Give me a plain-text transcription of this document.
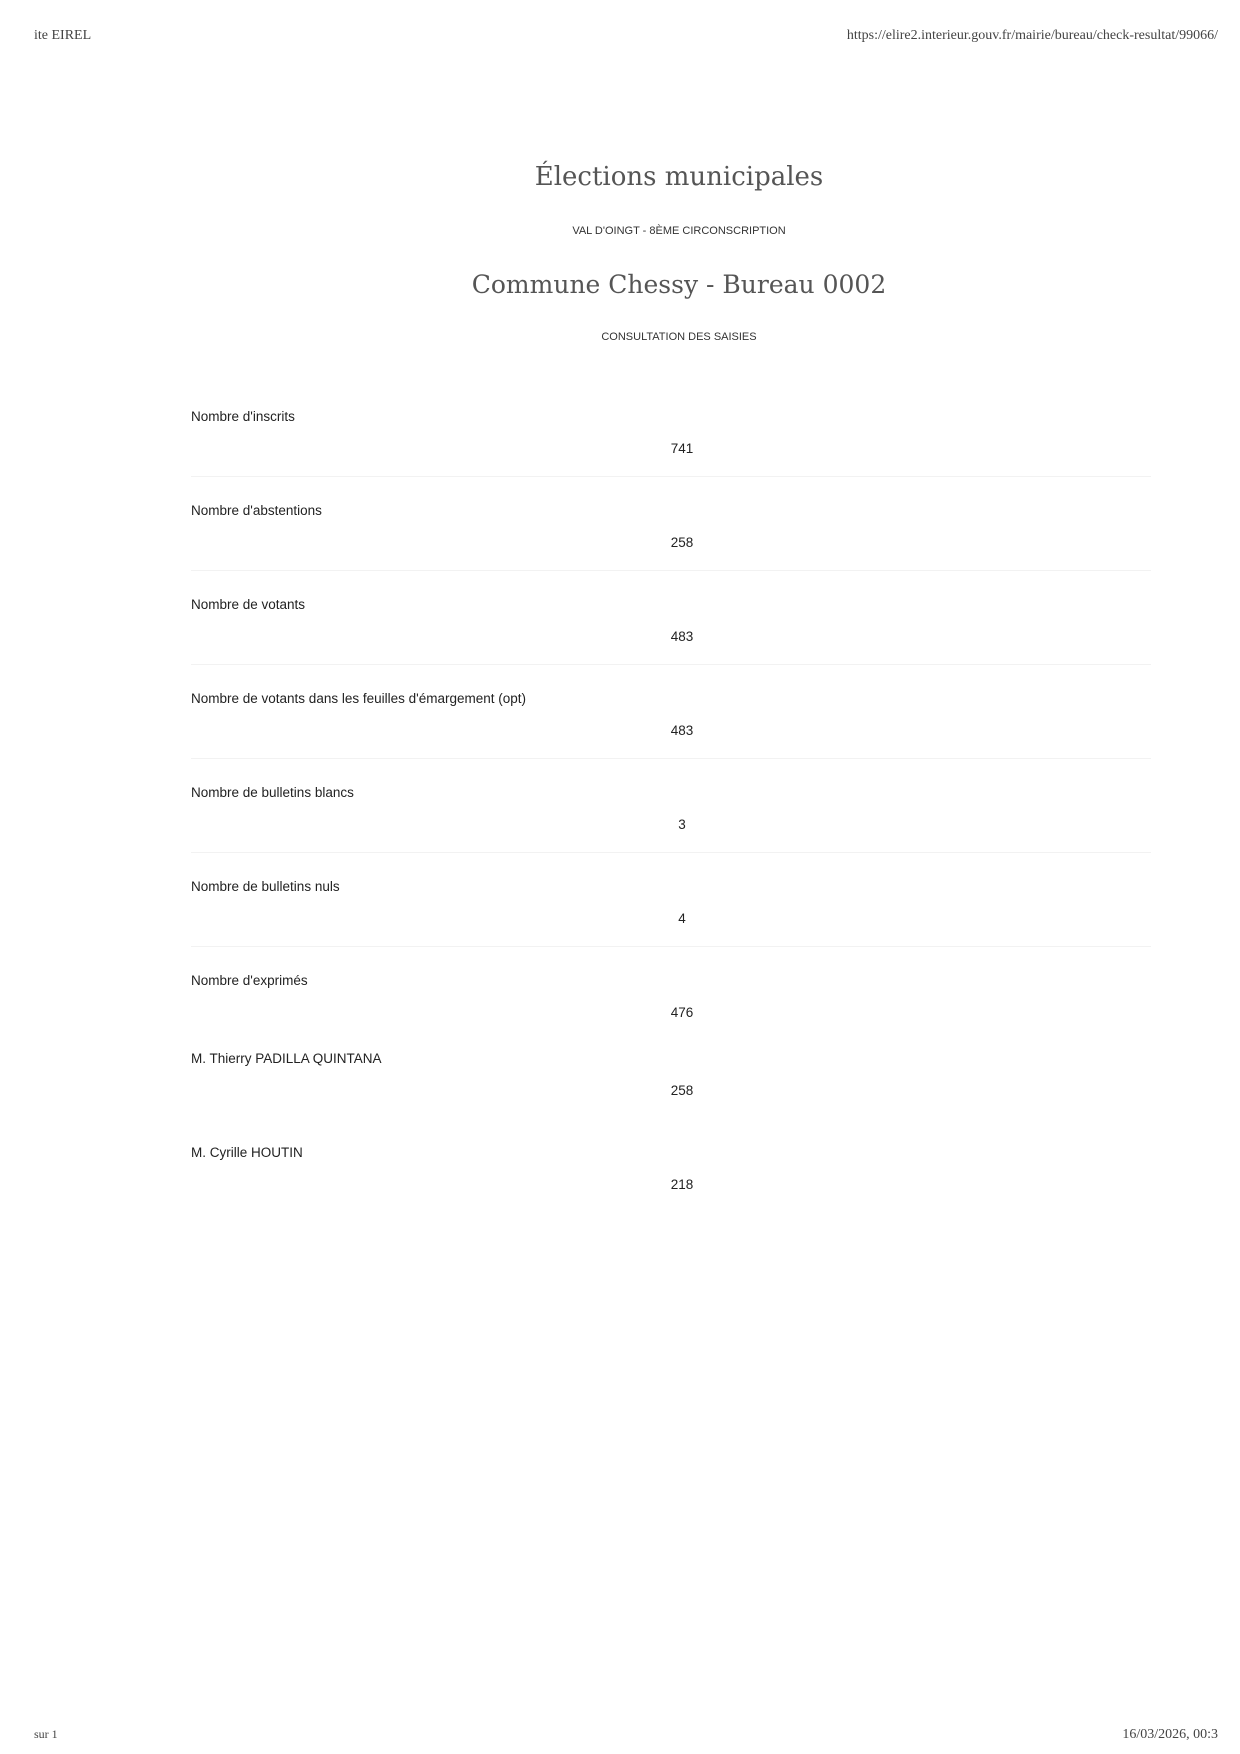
ite EIREL	https://elire2.interieur.gouv.fr/mairie/bureau/check-resultat/99066/
Élections municipales
VAL D'OINGT - 8ÈME CIRCONSCRIPTION
Commune Chessy - Bureau 0002
CONSULTATION DES SAISIES
Nombre d'inscrits
741
Nombre d'abstentions
258
Nombre de votants
483
Nombre de votants dans les feuilles d'émargement (opt)
483
Nombre de bulletins blancs
3
Nombre de bulletins nuls
4
Nombre d'exprimés
476
M. Thierry PADILLA QUINTANA
258
M. Cyrille HOUTIN
218
sur 1	16/03/2026, 00:3
